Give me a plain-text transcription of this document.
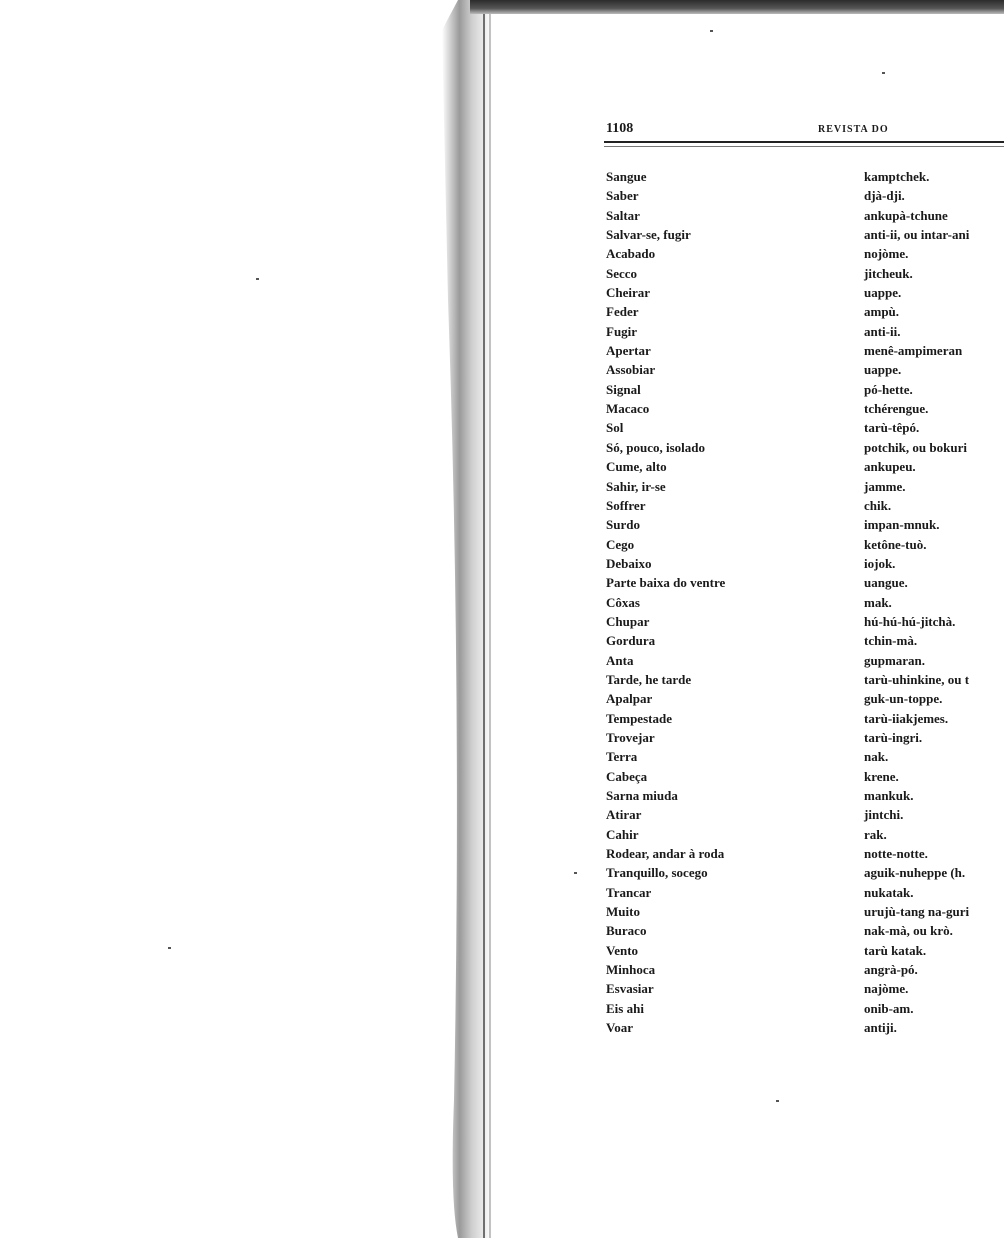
1108	REVISTA DO
Sangue	kamptchek.
Saber	djà-dji.
Saltar	ankupà-tchune
Salvar-se, fugir	anti-ii, ou intar-ani
Acabado	nojòme.
Secco	jitcheuk.
Cheirar	uappe.
Feder	ampù.
Fugir	anti-ii.
Apertar	menê-ampimeran
Assobiar	uappe.
Signal	pó-hette.
Macaco	tchérengue.
Sol	tarù-têpó.
Só, pouco, isolado	potchik, ou bokuri
Cume, alto	ankupeu.
Sahir, ir-se	jamme.
Soffrer	chik.
Surdo	impan-mnuk.
Cego	ketône-tuò.
Debaixo	iojok.
Parte baixa do ventre	uangue.
Côxas	mak.
Chupar	hú-hú-hú-jitchà.
Gordura	tchin-mà.
Anta	gupmaran.
Tarde, he tarde	tarù-uhinkine, ou t
Apalpar	guk-un-toppe.
Tempestade	tarù-iiakjemes.
Trovejar	tarù-ingri.
Terra	nak.
Cabeça	krene.
Sarna miuda	mankuk.
Atirar	jintchi.
Cahir	rak.
Rodear, andar à roda	notte-notte.
Tranquillo, socego	aguik-nuheppe (h.
Trancar	nukatak.
Muito	urujù-tang na-guri
Buraco	nak-mà, ou krò.
Vento	tarù katak.
Minhoca	angrà-pó.
Esvasiar	najòme.
Eis ahi	onib-am.
Voar	antiji.
